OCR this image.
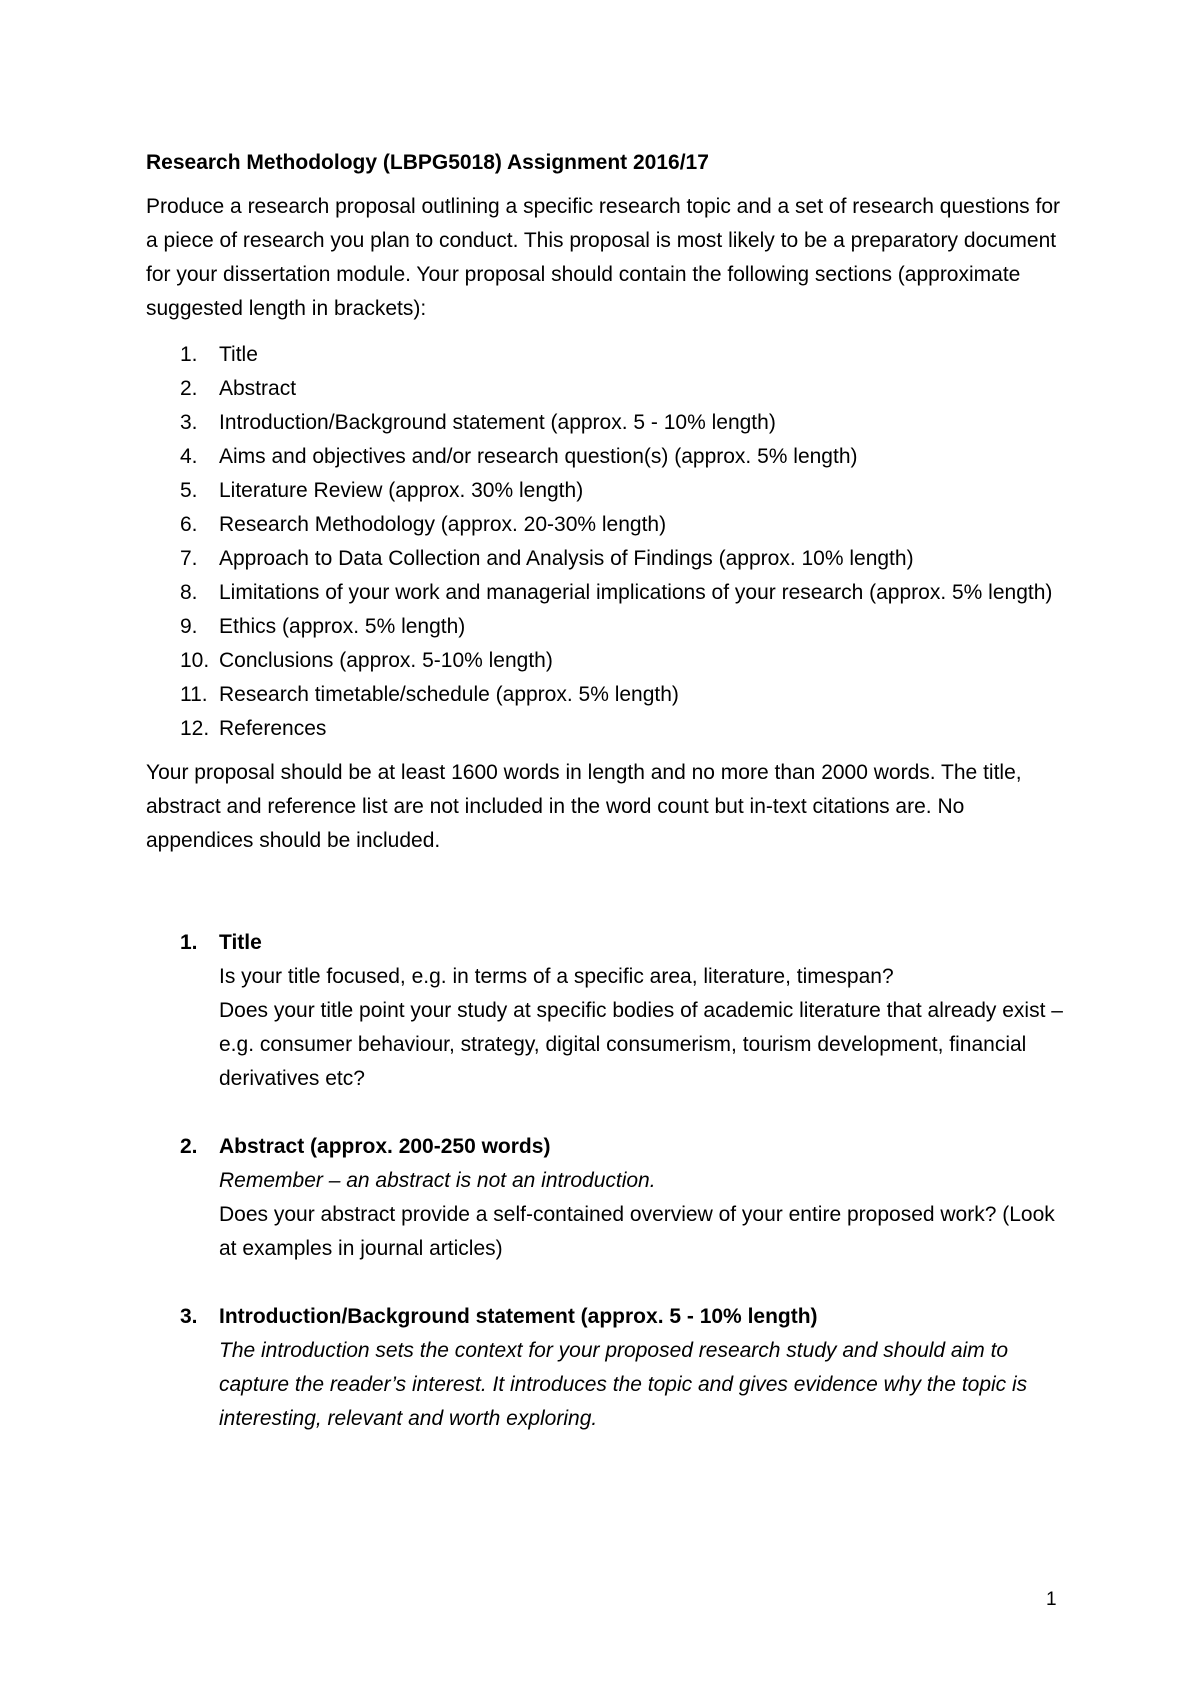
Research Methodology (LBPG5018) Assignment 2016/17

Produce a research proposal outlining a specific research topic and a set of research questions for a piece of research you plan to conduct. This proposal is most likely to be a preparatory document for your dissertation module. Your proposal should contain the following sections (approximate suggested length in brackets):

1. Title
2. Abstract
3. Introduction/Background statement (approx. 5 - 10% length)
4. Aims and objectives and/or research question(s) (approx. 5% length)
5. Literature Review (approx. 30% length)
6. Research Methodology (approx. 20-30% length)
7. Approach to Data Collection and Analysis of Findings (approx. 10% length)
8. Limitations of your work and managerial implications of your research (approx. 5% length)
9. Ethics (approx. 5% length)
10. Conclusions (approx. 5-10% length)
11. Research timetable/schedule (approx. 5% length)
12. References

Your proposal should be at least 1600 words in length and no more than 2000 words. The title, abstract and reference list are not included in the word count but in-text citations are. No appendices should be included.

1. Title
Is your title focused, e.g. in terms of a specific area, literature, timespan?
Does your title point your study at specific bodies of academic literature that already exist – e.g. consumer behaviour, strategy, digital consumerism, tourism development, financial derivatives etc?
2. Abstract (approx. 200-250 words)
Remember – an abstract is not an introduction.
Does your abstract provide a self-contained overview of your entire proposed work? (Look at examples in journal articles)
3. Introduction/Background statement (approx. 5 - 10% length)
The introduction sets the context for your proposed research study and should aim to capture the reader’s interest. It introduces the topic and gives evidence why the topic is interesting, relevant and worth exploring.
1
